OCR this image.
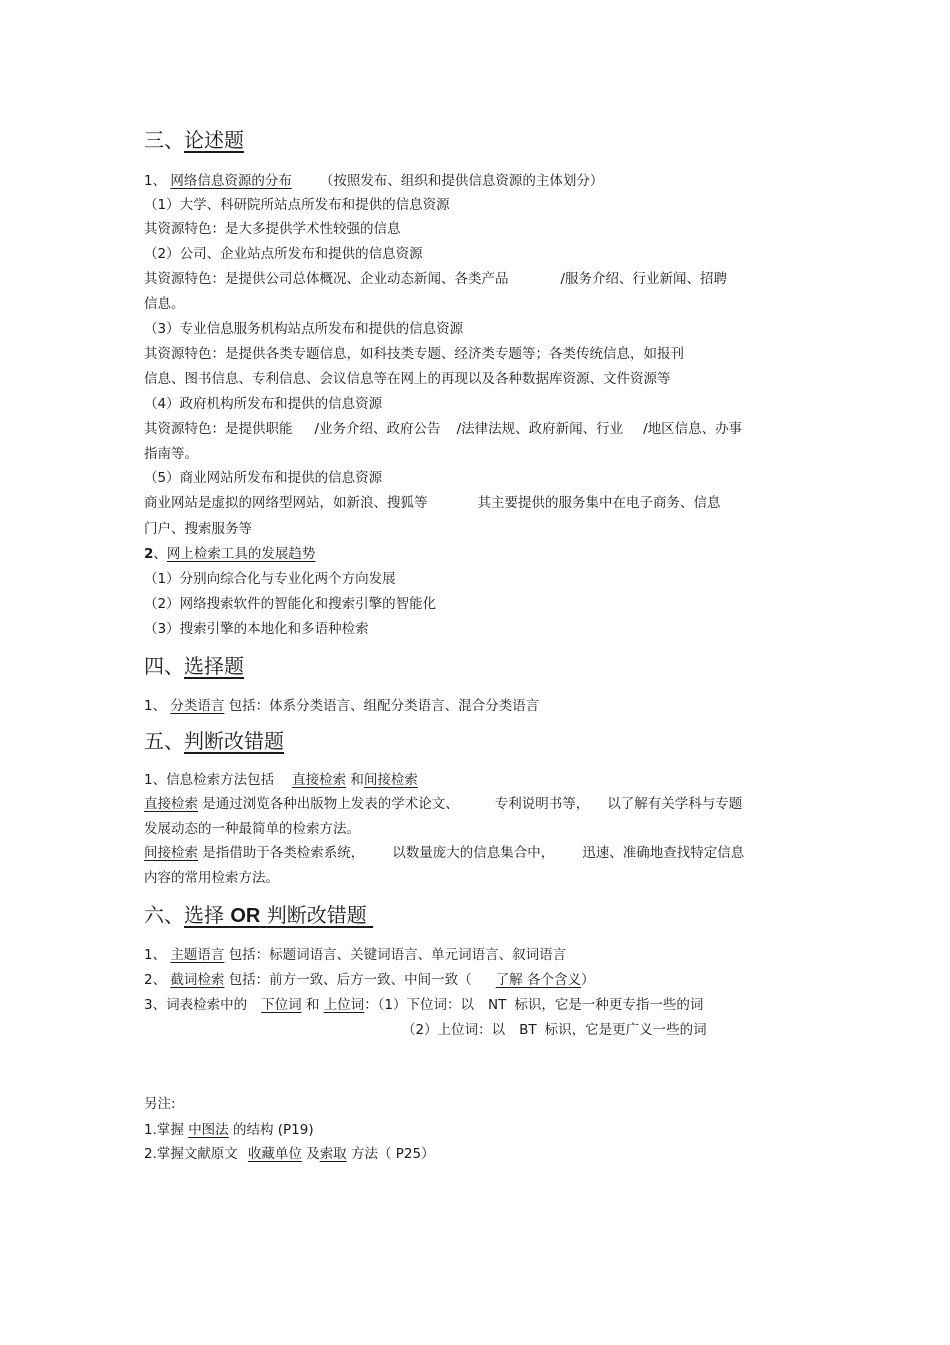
三、论述题
1、 网络信息资源的分布 （按照发布、组织和提供信息资源的主体划分）
（1）大学、科研院所站点所发布和提供的信息资源
其资源特色：是大多提供学术性较强的信息
（2）公司、企业站点所发布和提供的信息资源
其资源特色：是提供公司总体概况、企业动态新闻、各类产品	/服务介绍、行业新闻、招聘
信息。
（3）专业信息服务机构站点所发布和提供的信息资源
其资源特色：是提供各类专题信息，如科技类专题、经济类专题等；各类传统信息，如报刊
信息、图书信息、专利信息、会议信息等在网上的再现以及各种数据库资源、文件资源等
（4）政府机构所发布和提供的信息资源
其资源特色：是提供职能 /业务介绍、政府公告 /法律法规、政府新闻、行业 /地区信息、办事
指南等。
（5）商业网站所发布和提供的信息资源
商业网站是虚拟的网络型网站，如新浪、搜狐等	其主要提供的服务集中在电子商务、信息
门户、搜索服务等
2、网上检索工具的发展趋势
（1）分别向综合化与专业化两个方向发展
（2）网络搜索软件的智能化和搜索引擎的智能化
（3）搜索引擎的本地化和多语种检索
四、选择题
1、 分类语言 包括：体系分类语言、组配分类语言、混合分类语言
五、判断改错题
1、信息检索方法包括 直接检索 和间接检索
直接检索 是通过浏览各种出版物上发表的学术论文、	专利说明书等， 以了解有关学科与专题
发展动态的一种最简单的检索方法。
间接检索 是指借助于各类检索系统， 以数量庞大的信息集合中， 迅速、准确地查找特定信息
内容的常用检索方法。
六、选择 OR 判断改错题
1、 主题语言 包括：标题词语言、关键词语言、单元词语言、叙词语言
2、 截词检索 包括：前方一致、后方一致、中间一致（ 了解 各个含义）
3、词表检索中的 下位词 和 上位词：（1）下位词：以 NT 标识，它是一种更专指一些的词
（2）上位词：以 BT 标识，它是更广义一些的词
另注:
1.掌握 中图法 的结构 (P19)
2.掌握文献原文 收藏单位 及索取 方法（ P25）
